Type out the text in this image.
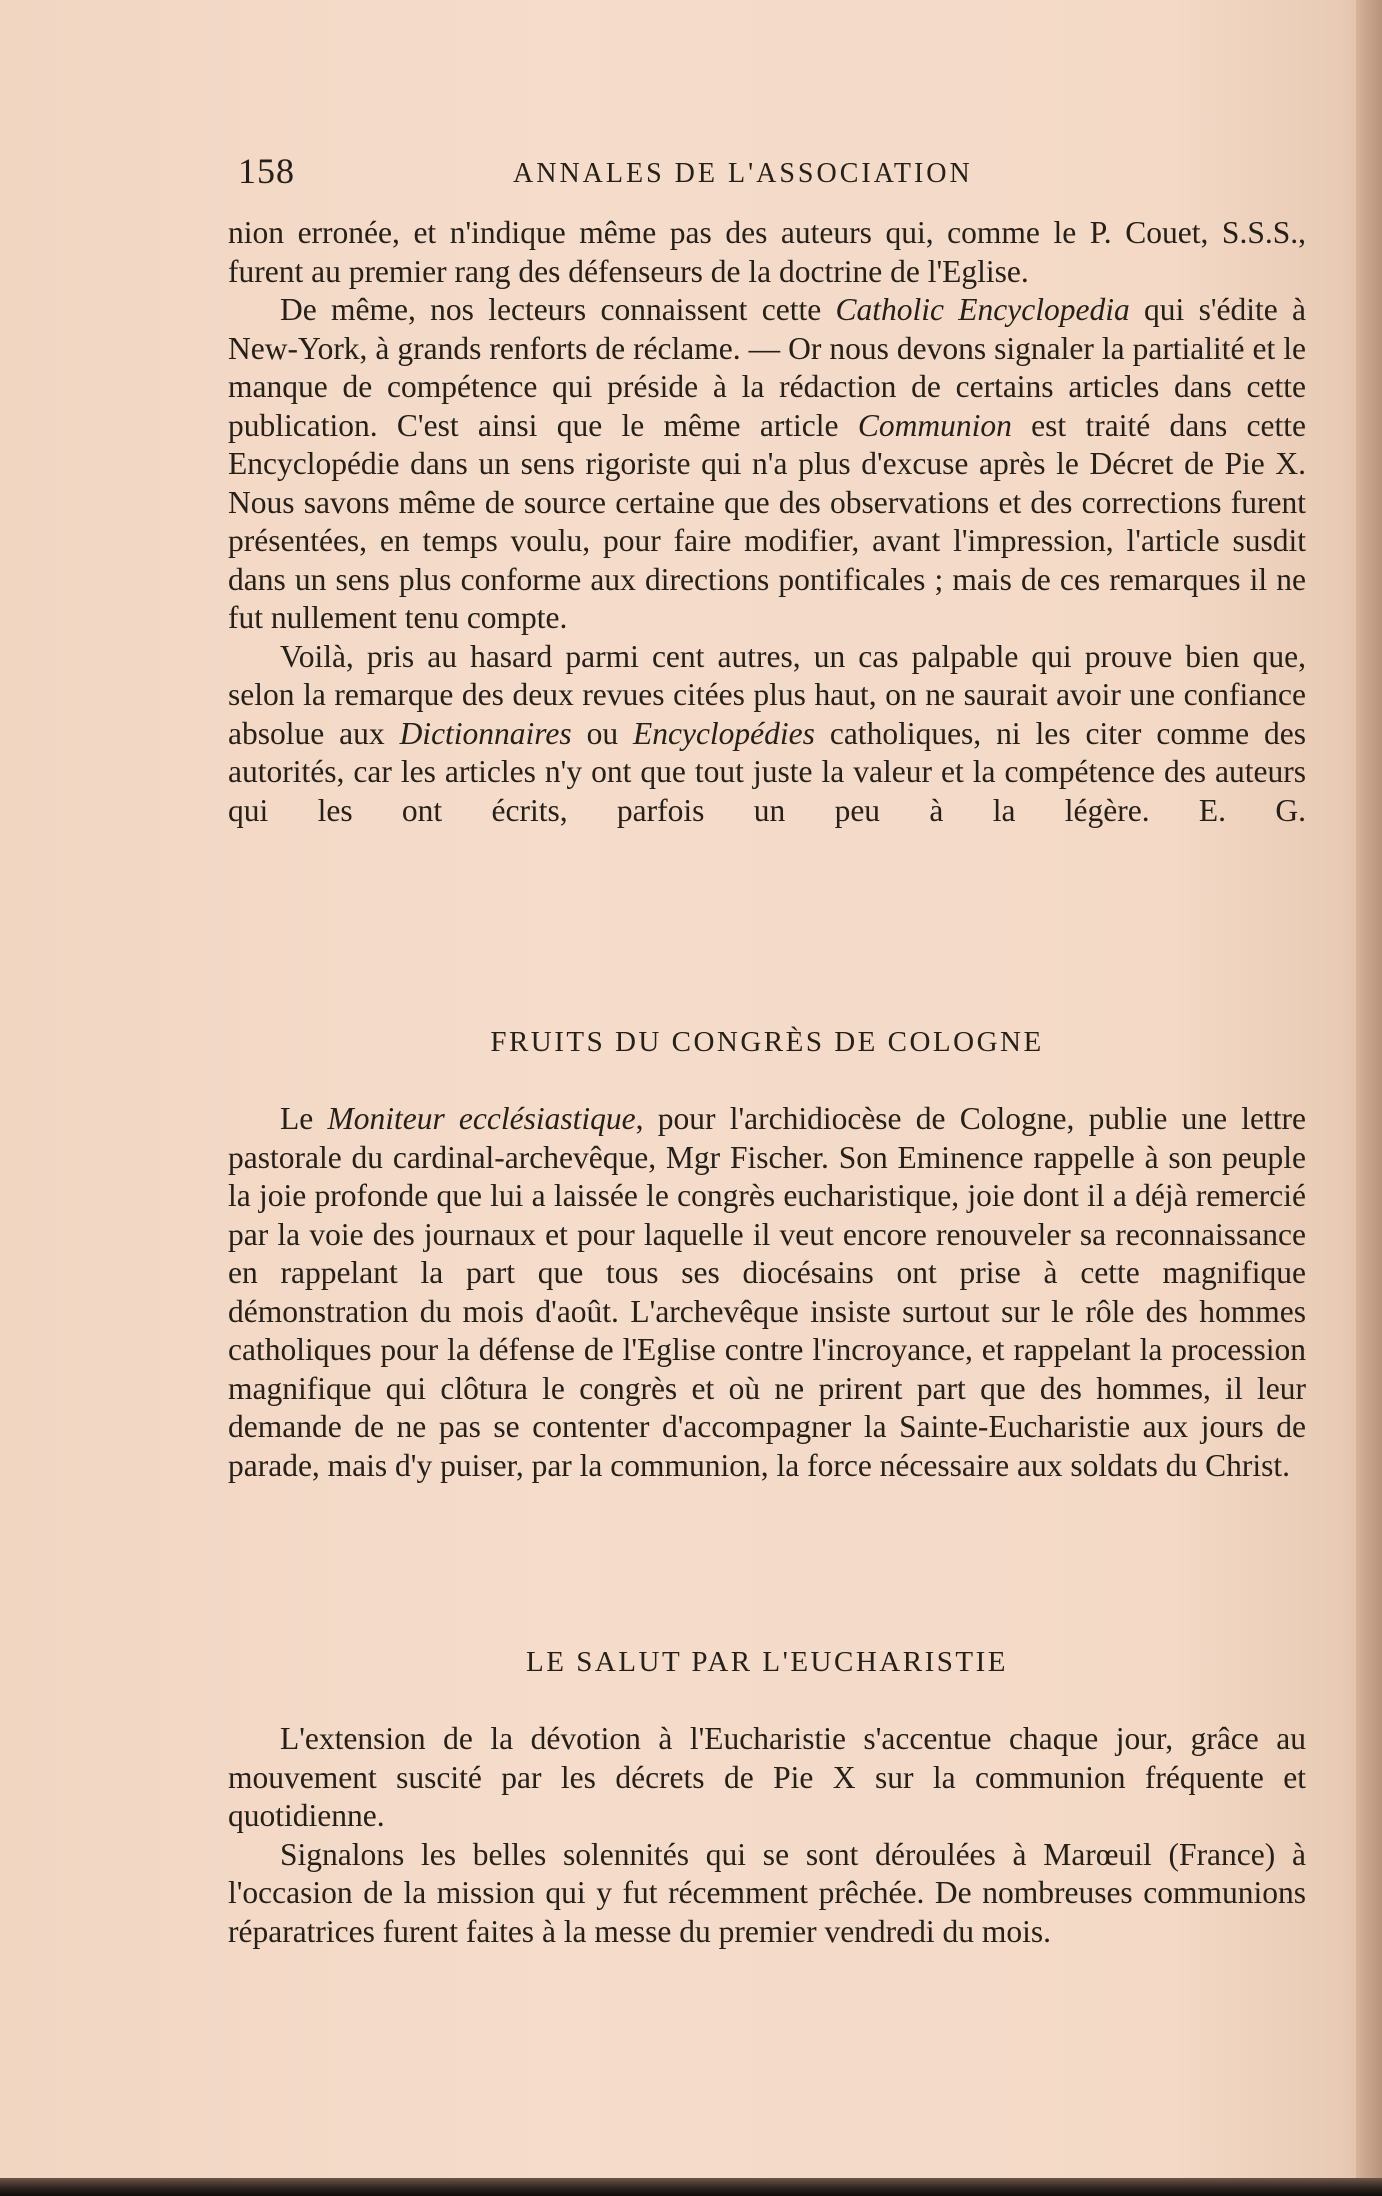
158	ANNALES DE L'ASSOCIATION

nion erronée, et n'indique même pas des auteurs qui, comme le P. Couet, S.S.S., furent au premier rang des défenseurs de la doctrine de l'Eglise.

De même, nos lecteurs connaissent cette Catholic Encyclopedia qui s'édite à New-York, à grands renforts de réclame. — Or nous devons signaler la partialité et le manque de compétence qui préside à la rédaction de certains articles dans cette publication. C'est ainsi que le même article Communion est traité dans cette Encyclopédie dans un sens rigoriste qui n'a plus d'excuse après le Décret de Pie X. Nous savons même de source certaine que des observations et des corrections furent présentées, en temps voulu, pour faire modifier, avant l'impression, l'article susdit dans un sens plus conforme aux directions pontificales ; mais de ces remarques il ne fut nullement tenu compte.

Voilà, pris au hasard parmi cent autres, un cas palpable qui prouve bien que, selon la remarque des deux revues citées plus haut, on ne saurait avoir une confiance absolue aux Dictionnaires ou Encyclopédies catholiques, ni les citer comme des autorités, car les articles n'y ont que tout juste la valeur et la compétence des auteurs qui les ont écrits, parfois un peu à la légère. E. G.

FRUITS DU CONGRÈS DE COLOGNE

Le Moniteur ecclésiastique, pour l'archidiocèse de Cologne, publie une lettre pastorale du cardinal-archevêque, Mgr Fischer. Son Eminence rappelle à son peuple la joie profonde que lui a laissée le congrès eucharistique, joie dont il a déjà remercié par la voie des journaux et pour laquelle il veut encore renouveler sa reconnaissance en rappelant la part que tous ses diocésains ont prise à cette magnifique démonstration du mois d'août. L'archevêque insiste surtout sur le rôle des hommes catholiques pour la défense de l'Eglise contre l'incroyance, et rappelant la procession magnifique qui clôtura le congrès et où ne prirent part que des hommes, il leur demande de ne pas se contenter d'accompagner la Sainte-Eucharistie aux jours de parade, mais d'y puiser, par la communion, la force nécessaire aux soldats du Christ.

LE SALUT PAR L'EUCHARISTIE

L'extension de la dévotion à l'Eucharistie s'accentue chaque jour, grâce au mouvement suscité par les décrets de Pie X sur la communion fréquente et quotidienne.

Signalons les belles solennités qui se sont déroulées à Marœuil (France) à l'occasion de la mission qui y fut récemment prêchée. De nombreuses communions réparatrices furent faites à la messe du premier vendredi du mois.
